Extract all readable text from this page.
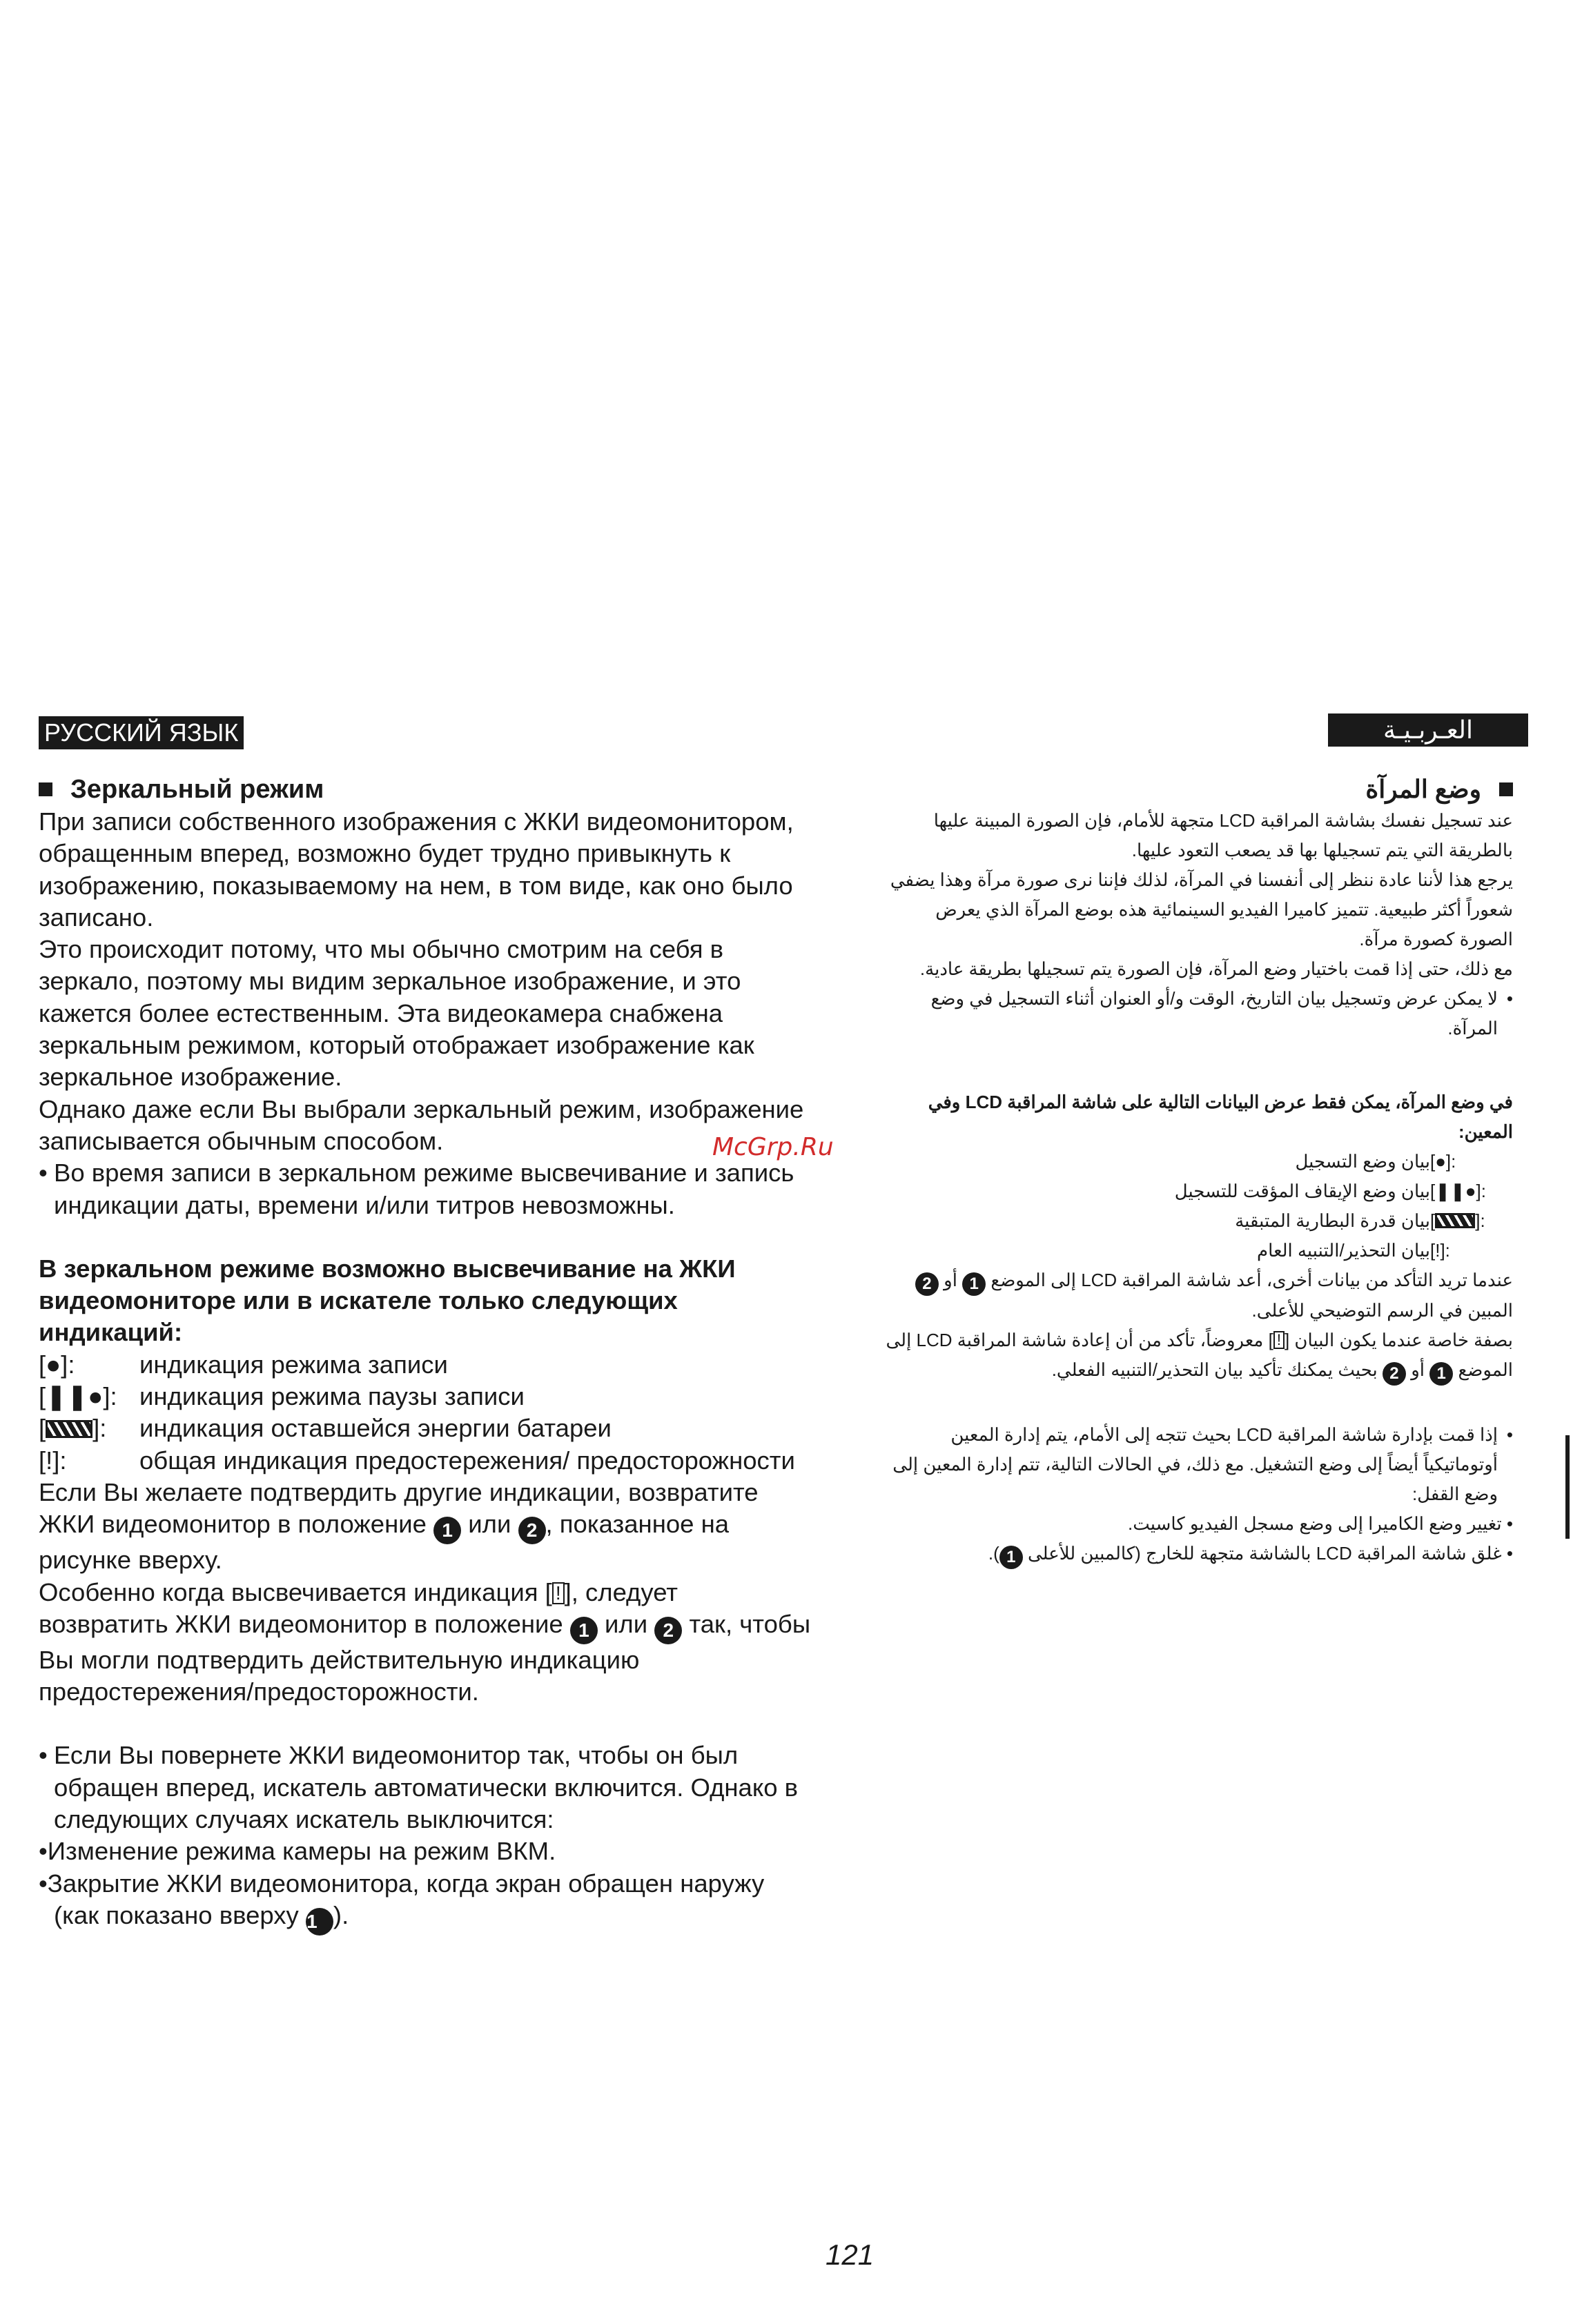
РУССКИЙ ЯЗЫК	العـربـيـة
Зеркальный режим

При записи собственного изображения с ЖКИ видеомонитором, обращенным вперед, возможно будет трудно привыкнуть к изображению, показываемому на нем, в том виде, как оно было записано.

Это происходит потому, что мы обычно смотрим на себя в зеркало, поэтому мы видим зеркальное изображение, и это кажется более естественным. Эта видеокамера снабжена зеркальным режимом, который отображает изображение как зеркальное изображение.

Однако даже если Вы выбрали зеркальный режим, изображение записывается обычным способом.

• Во время записи в зеркальном режиме высвечивание и запись индикации даты, времени и/или титров невозможны.

В зеркальном режиме возможно высвечивание на ЖКИ видеомониторе или в искателе только следующих индикаций:

[●]:	индикация режима записи
[❚❚●]: индикация режима паузы записи
[ ]:	индикация оставшейся энергии батареи
[!]:	общая индикация предостережения/ предосторожности

Если Вы желаете подтвердить другие индикации, возвратите ЖКИ видеомонитор в положение 1 или 2 , показанное на рисунке вверху.

Особенно когда высвечивается индикация [ ! ], следует возвратить ЖКИ видеомонитор в положение 1 или 2 так, чтобы Вы могли подтвердить действительную индикацию предостережения/предосторожности.

• Если Вы повернете ЖКИ видеомонитор так, чтобы он был обращен вперед, искатель автоматически включится. Однако в следующих случаях искатель выключится:

•Изменение режима камеры на режим ВКМ.

•Закрытие ЖКИ видеомонитора, когда экран обращен наружу (как показано вверху 1 ).

McGrp.Ru
وضع المرآة

عند تسجيل نفسك بشاشة المراقبة LCD متجهة للأمام، فإن الصورة المبينة عليها بالطريقة التي يتم تسجيلها بها قد يصعب التعود عليها.

يرجع هذا لأننا عادة ننظر إلى أنفسنا في المرآة، لذلك فإننا نرى صورة مرآة وهذا يضفي شعوراً أكثر طبيعية. تتميز كاميرا الفيديو السينمائية هذه بوضع المرآة الذي يعرض الصورة كصورة مرآة.

مع ذلك، حتى إذا قمت باختيار وضع المرآة، فإن الصورة يتم تسجيلها بطريقة عادية.

•
لا يمكن عرض وتسجيل بيان التاريخ، الوقت و/أو العنوان أثناء التسجيل في وضع المرآة.

في وضع المرآة، يمكن فقط عرض البيانات التالية على شاشة المراقبة LCD وفي المعين:

[●]:
بيان وضع التسجيل
[❚❚●]:
بيان وضع الإيقاف المؤقت للتسجيل
[ ]:
بيان قدرة البطارية المتبقية
[!]:
بيان التحذير/التنبيه العام

عندما تريد التأكد من بيانات أخرى، أعد شاشة المراقبة LCD إلى الموضع 1 أو 2 المبين في الرسم التوضيحي للأعلى.

بصفة خاصة عندما يكون البيان [!] معروضاً، تأكد من أن إعادة شاشة المراقبة LCD إلى الموضع 1 أو 2 بحيث يمكنك تأكيد بيان التحذير/التنبيه الفعلي.

•
إذا قمت بإدارة شاشة المراقبة LCD بحيث تتجه إلى الأمام، يتم إدارة المعين أوتوماتيكياً أيضاً إلى وضع التشغيل. مع ذلك، في الحالات التالية، تتم إدارة المعين إلى وضع القفل:

• تغيير وضع الكاميرا إلى وضع مسجل الفيديو كاسيت.

• غلق شاشة المراقبة LCD بالشاشة متجهة للخارج (كالمبين للأعلى 1).

121
